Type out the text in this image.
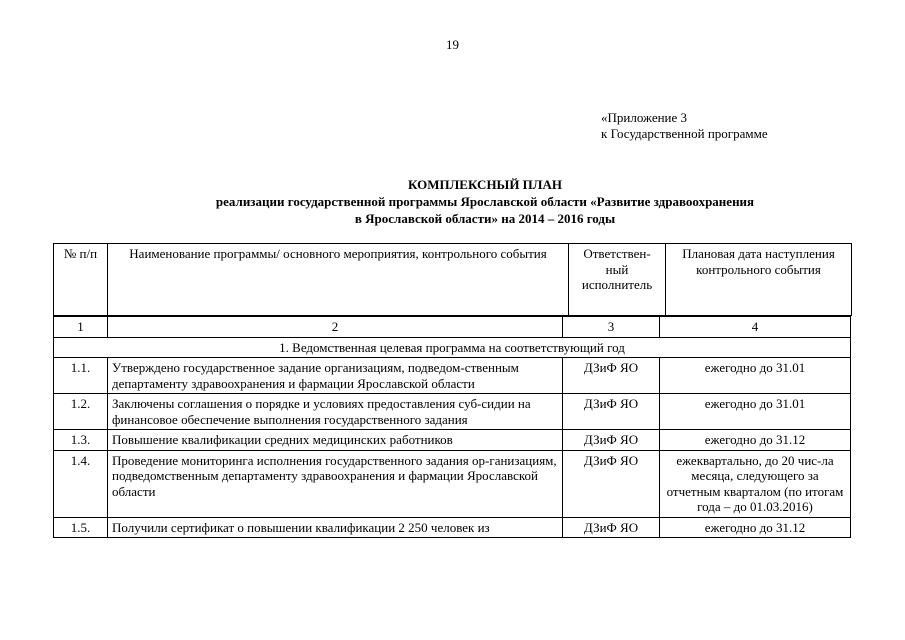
19
«Приложение 3
к Государственной программе
КОМПЛЕКСНЫЙ ПЛАН
реализации государственной программы Ярославской области «Развитие здравоохранения
в Ярославской области» на 2014 – 2016 годы
№ п/п	Наименование программы/ основного мероприятия, контрольного события	Ответствен-ный исполнитель	Плановая дата наступления контрольного события
1	2	3	4
1. Ведомственная целевая программа на соответствующий год			
1.1.	Утверждено государственное задание организациям, подведом-ственным департаменту здравоохранения и фармации Ярославской области	ДЗиФ ЯО	ежегодно до 31.01
1.2.	Заключены соглашения о порядке и условиях предоставления суб-сидии на финансовое обеспечение выполнения государственного задания	ДЗиФ ЯО	ежегодно до 31.01
1.3.	Повышение квалификации средних медицинских работников	ДЗиФ ЯО	ежегодно до 31.12
1.4.	Проведение мониторинга исполнения государственного задания ор-ганизациям, подведомственным департаменту здравоохранения и фармации Ярославской области	ДЗиФ ЯО	ежеквартально, до 20 чис-ла месяца, следующего за отчетным кварталом (по итогам года – до 01.03.2016)
1.5.	Получили сертификат о повышении квалификации 2 250 человек из	ДЗиФ ЯО	ежегодно до 31.12
